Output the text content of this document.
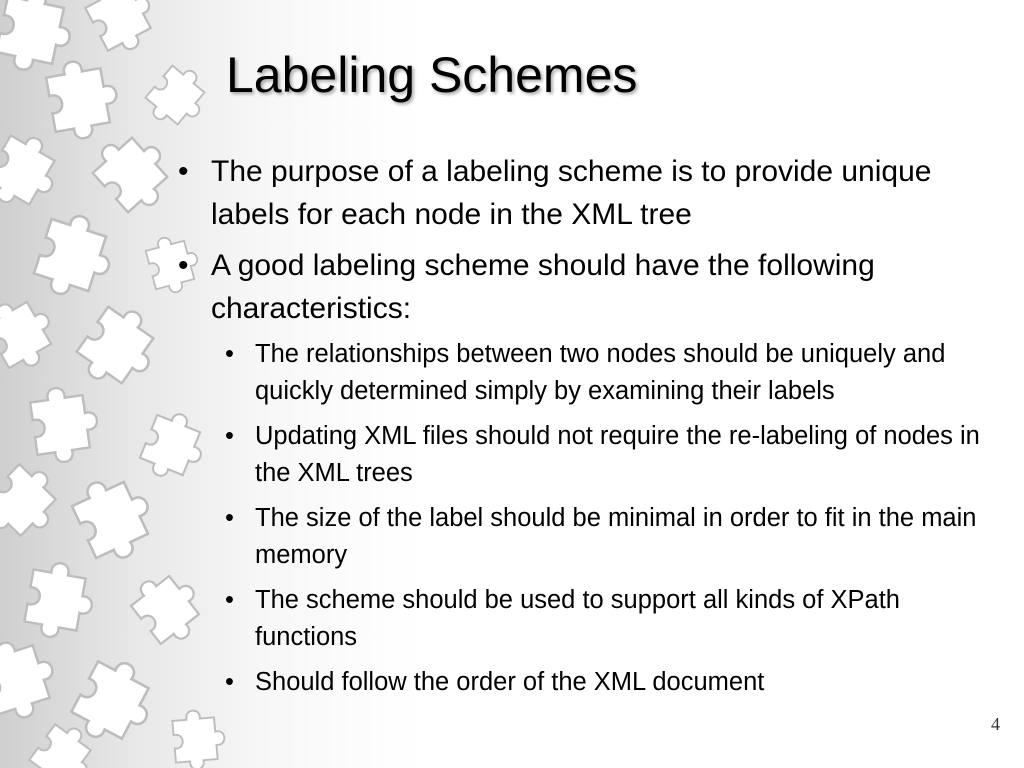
Labeling Schemes
• The purpose of a labeling scheme is to provide unique labels for each node in the XML tree
• A good labeling scheme should have the following characteristics:
• The relationships between two nodes should be uniquely and quickly determined simply by examining their labels
• Updating XML files should not require the re-labeling of nodes in the XML trees
• The size of the label should be minimal in order to fit in the main memory
• The scheme should be used to support all kinds of XPath functions
• Should follow the order of the XML document
4
